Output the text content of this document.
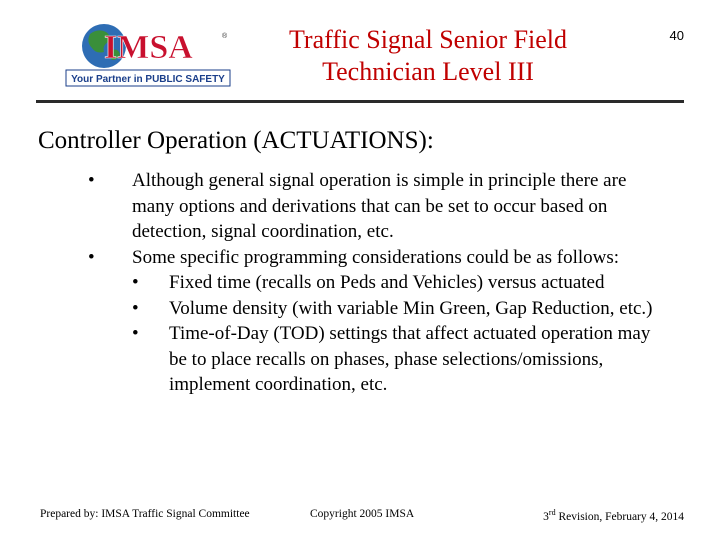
IMSA	®
Your Partner in PUBLIC SAFETY
Traffic Signal Senior Field
Technician Level III
40
Controller Operation (ACTUATIONS):
•	Although general signal operation is simple in principle there are many options and derivations that can be set to occur based on detection, signal coordination, etc.
•	Some specific programming considerations could be as follows:
•	Fixed time (recalls on Peds and Vehicles) versus actuated
•	Volume density (with variable Min Green, Gap Reduction, etc.)
•	Time-of-Day (TOD) settings that affect actuated operation may be to place recalls on phases, phase selections/omissions, implement coordination, etc.
Prepared by: IMSA Traffic Signal Committee	Copyright 2005 IMSA	3rd Revision, February 4, 2014
